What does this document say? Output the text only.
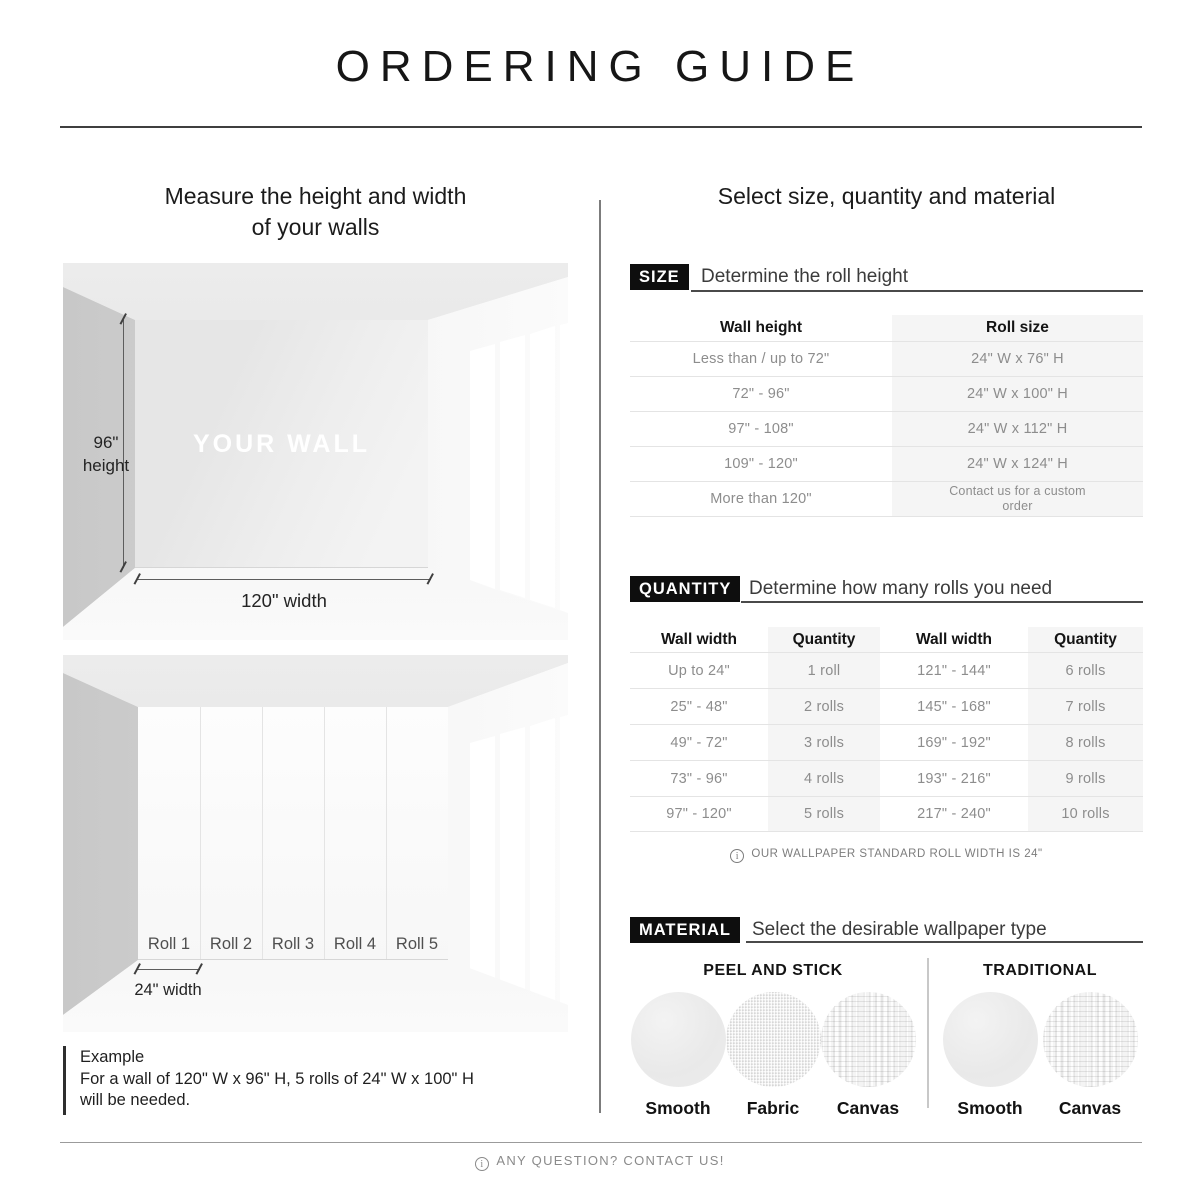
ORDERING GUIDE
Measure the height and width
of your walls
Select size, quantity and material
YOUR WALL
96"
height
120" width
Roll 1	Roll 2	Roll 3	Roll 4	Roll 5
24" width
Example
For a wall of 120" W x 96" H, 5 rolls of 24" W x 100" H
will be needed.
SIZE	Determine the roll height
Wall height	Roll size
Less than / up to 72"	24" W x 76" H
72" - 96"	24" W x 100" H
97" - 108"	24" W x 112" H
109" - 120"	24" W x 124" H
More than 120"	Contact us for a custom order
QUANTITY Determine how many rolls you need
Wall width	Quantity	Wall width	Quantity
Up to 24"	1 roll	121" - 144"	6 rolls
25" - 48"	2 rolls	145" - 168"	7 rolls
49" - 72"	3 rolls	169" - 192"	8 rolls
73" - 96"	4 rolls	193" - 216"	9 rolls
97" - 120"	5 rolls	217" - 240"	10 rolls
iOUR WALLPAPER STANDARD ROLL WIDTH IS 24"
MATERIAL	Select the desirable wallpaper type
PEEL AND STICK	TRADITIONAL
Smooth	Fabric	Canvas	Smooth	Canvas
iANY QUESTION? CONTACT US!
